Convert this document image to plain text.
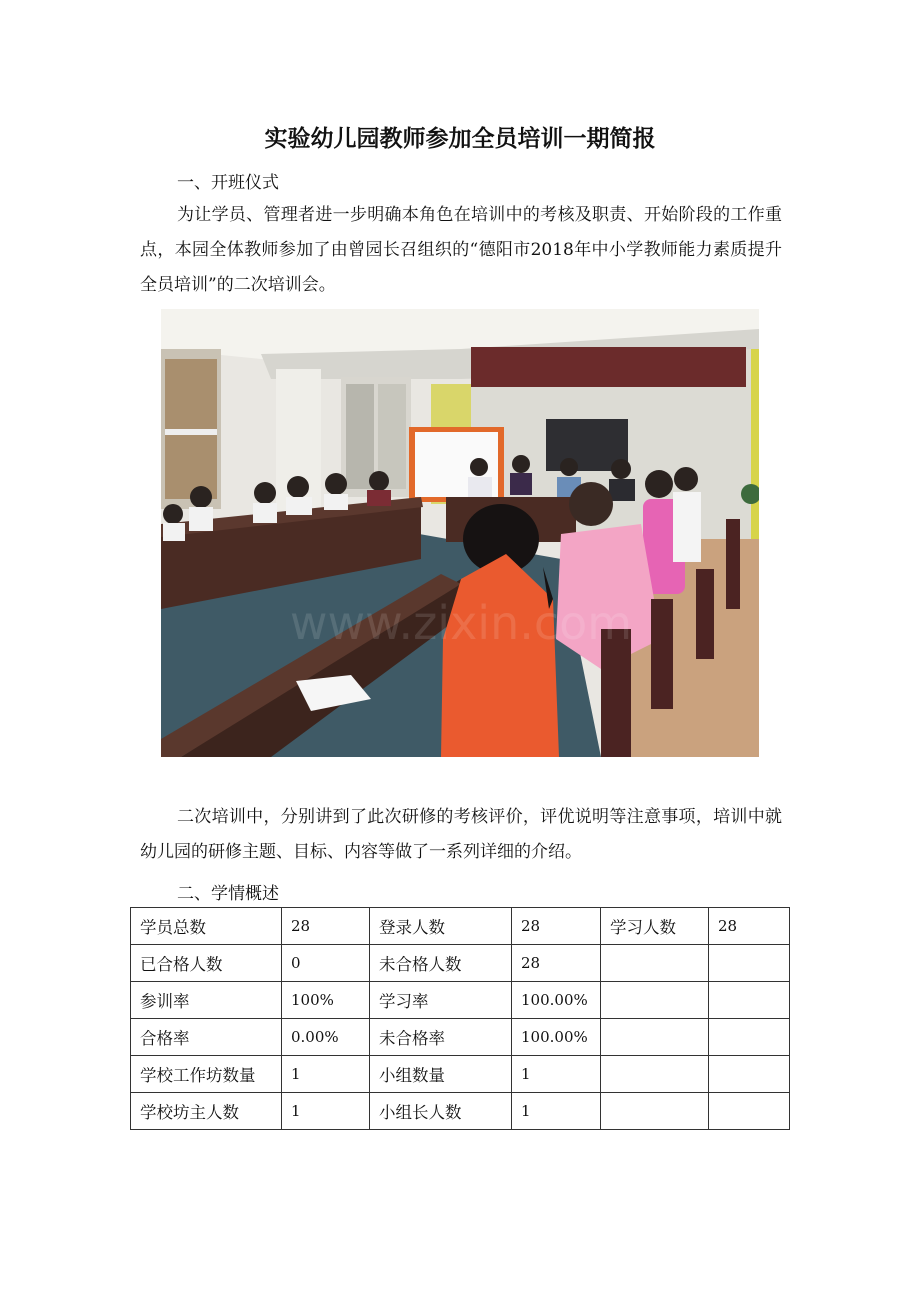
实验幼儿园教师参加全员培训一期简报
一、开班仪式

为让学员、管理者进一步明确本角色在培训中的考核及职责、开始阶段的工作重点，本园全体教师参加了由曾园长召组织的“德阳市2018年中小学教师能力素质提升全员培训”的二次培训会。

www.zixin.com

二次培训中，分别讲到了此次研修的考核评价，评优说明等注意事项，培训中就幼儿园的研修主题、目标、内容等做了一系列详细的介绍。

二、学情概述
学员总数	28	登录人数	28	学习人数	28
已合格人数	0	未合格人数	28		
参训率	100%	学习率	100.00%		
合格率	0.00%	未合格率	100.00%		
学校工作坊数量	1	小组数量	1		
学校坊主人数	1	小组长人数	1		
